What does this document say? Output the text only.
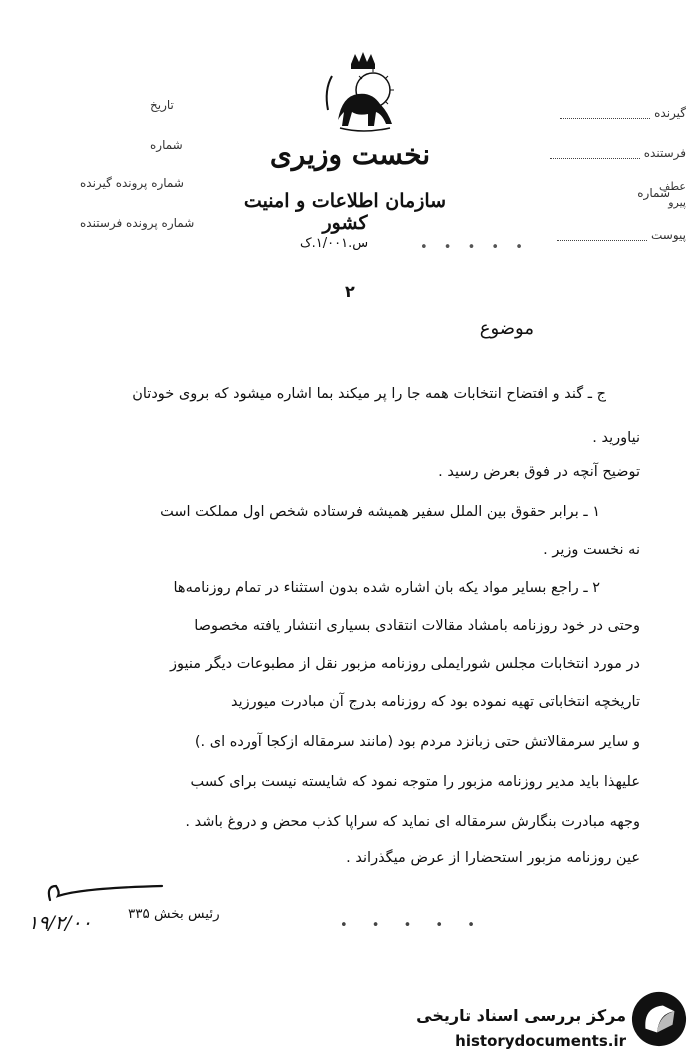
تاریخ
شماره
شماره پرونده گیرنده
شماره پرونده فرستنده
نخست وزیری
سازمان اطلاعات و امنیت کشور
گیرنده
فرستنده
شماره
عطف
پیرو
پیوست
س.۱/۰۰۱.ک	• • • • •
۲
موضوع
ج ـ گند و افتضاح انتخابات همه جا را پر میکند بما اشاره میشود که بروی خودتان
نیاورید .
توضیح آنچه در فوق بعرض رسید .
۱ ـ برابر حقوق بین الملل سفیر همیشه فرستاده شخص اول مملکت است
نه نخست وزیر .
۲ ـ راجع بسایر مواد یکه بان اشاره شده بدون استثناء در تمام روزنامه‌ها
وحتی در خود روزنامه بامشاد مقالات انتقادی بسیاری انتشار یافته مخصوصا
در مورد انتخابات مجلس شورایملی روزنامه مزبور نقل از مطبوعات دیگر منیوز
تاریخچه انتخاباتی تهیه نموده بود که روزنامه بدرج آن مبادرت میورزید
و سایر سرمقالاتش حتی زبانزد مردم بود (مانند سرمقاله ازکجا آورده ای .)
علیهذا باید مدیر روزنامه مزبور را متوجه نمود که شایسته نیست برای کسب
وجهه مبادرت بنگارش سرمقاله ای نماید که سراپا کذب محض و دروغ باشد .
عین روزنامه مزبور استحضارا از عرض میگذراند .
۱۹/۲/۰۰	رئیس بخش ۳۳۵
• • • • •
مرکز بررسی اسناد تاریخی
historydocuments.ir
